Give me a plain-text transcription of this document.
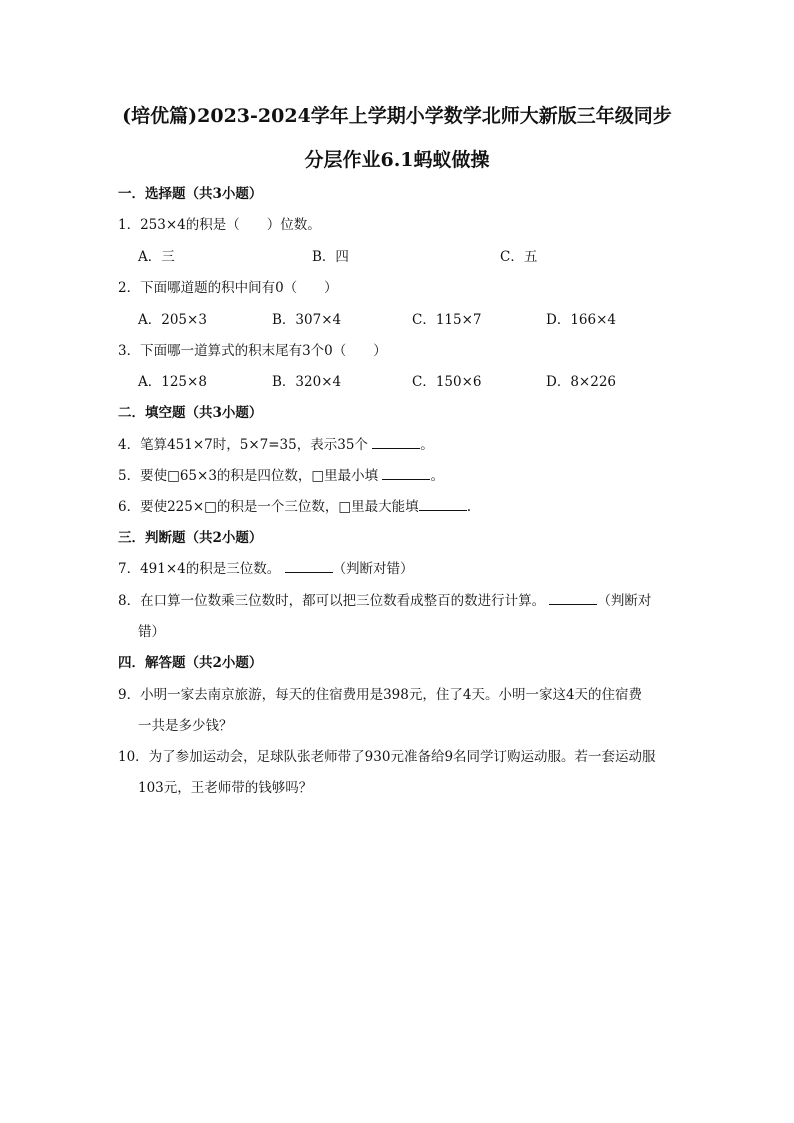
(培优篇)2023-2024学年上学期小学数学北师大新版三年级同步
分层作业6.1蚂蚁做操
一．选择题（共3小题）
1．253×4的积是（　　）位数。
A．三	B．四	C．五
2．下面哪道题的积中间有0（　　）
A．205×3	B．307×4	C．115×7	D．166×4
3．下面哪一道算式的积末尾有3个0（　　）
A．125×8	B．320×4	C．150×6	D．8×226
二．填空题（共3小题）
4．笔算451×7时，5×7=35，表示35个	。
5．要使□65×3的积是四位数，□里最小填	。
6．要使225×□的积是一个三位数，□里最大能填	.
三．判断题（共2小题）
7．491×4的积是三位数。	（判断对错）
8．在口算一位数乘三位数时，都可以把三位数看成整百的数进行计算。	（判断对
错）
四．解答题（共2小题）
9．小明一家去南京旅游，每天的住宿费用是398元，住了4天。小明一家这4天的住宿费
一共是多少钱？
10．为了参加运动会，足球队张老师带了930元准备给9名同学订购运动服。若一套运动服
103元，王老师带的钱够吗？
